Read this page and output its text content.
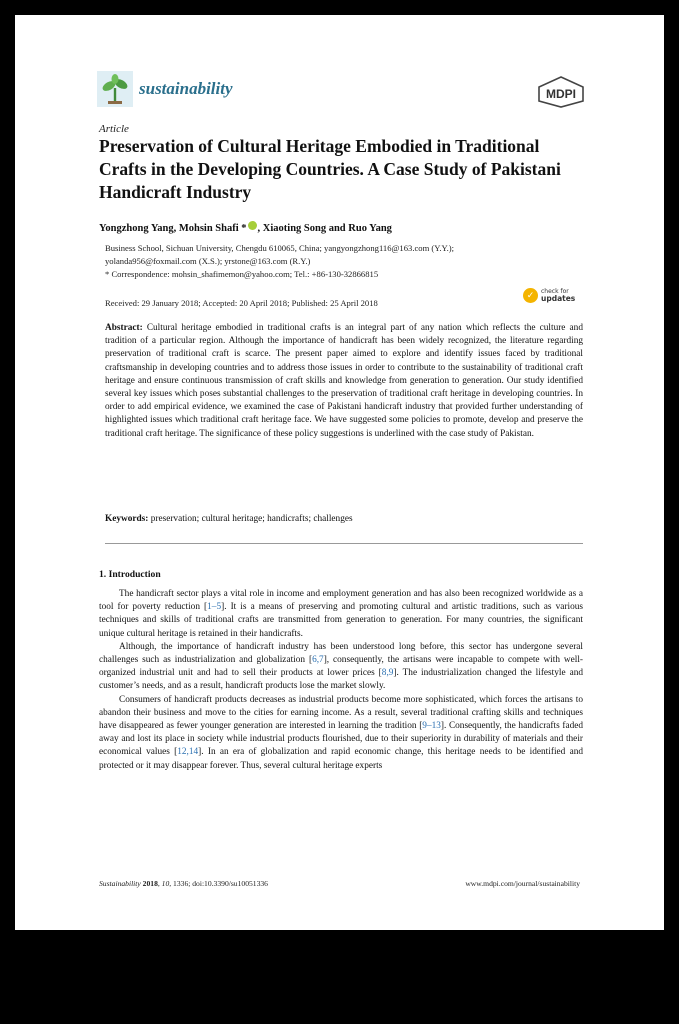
sustainability	MDPI
Article
Preservation of Cultural Heritage Embodied in Traditional Crafts in the Developing Countries. A Case Study of Pakistani Handicraft Industry
Yongzhong Yang, Mohsin Shafi * , Xiaoting Song and Ruo Yang
Business School, Sichuan University, Chengdu 610065, China; yangyongzhong116@163.com (Y.Y.);
yolanda956@foxmail.com (X.S.); yrstone@163.com (R.Y.)
* Correspondence: mohsin_shafimemon@yahoo.com; Tel.: +86-130-32866815
Received: 29 January 2018; Accepted: 20 April 2018; Published: 25 April 2018
✓	check for
updates
Abstract: Cultural heritage embodied in traditional crafts is an integral part of any nation which reflects the culture and tradition of a particular region. Although the importance of handicraft has been widely recognized, the literature regarding preservation of traditional craft is scarce. The present paper aimed to explore and identify issues faced by traditional craftsmanship in developing countries and to address those issues in order to contribute to the sustainability of traditional craft heritage and ensure continuous transmission of craft skills and knowledge from generation to generation. Our study identified several key issues which poses substantial challenges to the preservation of traditional craft heritage in developing countries. In order to add empirical evidence, we examined the case of Pakistani handicraft industry that provided further understanding of highlighted issues which traditional craft heritage face. We have suggested some policies to promote, develop and preserve the traditional craft heritage. The significance of these policy suggestions is underlined with the case study of Pakistan.
Keywords: preservation; cultural heritage; handicrafts; challenges
1. Introduction

The handicraft sector plays a vital role in income and employment generation and has also been recognized worldwide as a tool for poverty reduction [1–5]. It is a means of preserving and promoting cultural and artistic traditions, such as various techniques and skills of traditional crafts are transmitted from generation to generation. For many countries, the significant unique cultural heritage is retained in their handicrafts.

Although, the importance of handicraft industry has been understood long before, this sector has undergone several challenges such as industrialization and globalization [6,7], consequently, the artisans were incapable to compete with well-organized industrial unit and had to sell their products at lower prices [8,9]. The industrialization changed the lifestyle and customer’s needs, and as a result, handicraft products lose the market slowly.

Consumers of handicraft products decreases as industrial products become more sophisticated, which forces the artisans to abandon their business and move to the cities for earning income. As a result, several traditional crafting skills and techniques have disappeared as fewer younger generation are interested in learning the tradition [9–13]. Consequently, the handicrafts faded away and lost its place in society while industrial products flourished, due to their superiority in durability of materials and their economical values [12,14]. In an era of globalization and rapid economic change, this heritage needs to be identified and protected or it may disappear forever. Thus, several cultural heritage experts

Sustainability 2018, 10, 1336; doi:10.3390/su10051336	www.mdpi.com/journal/sustainability
